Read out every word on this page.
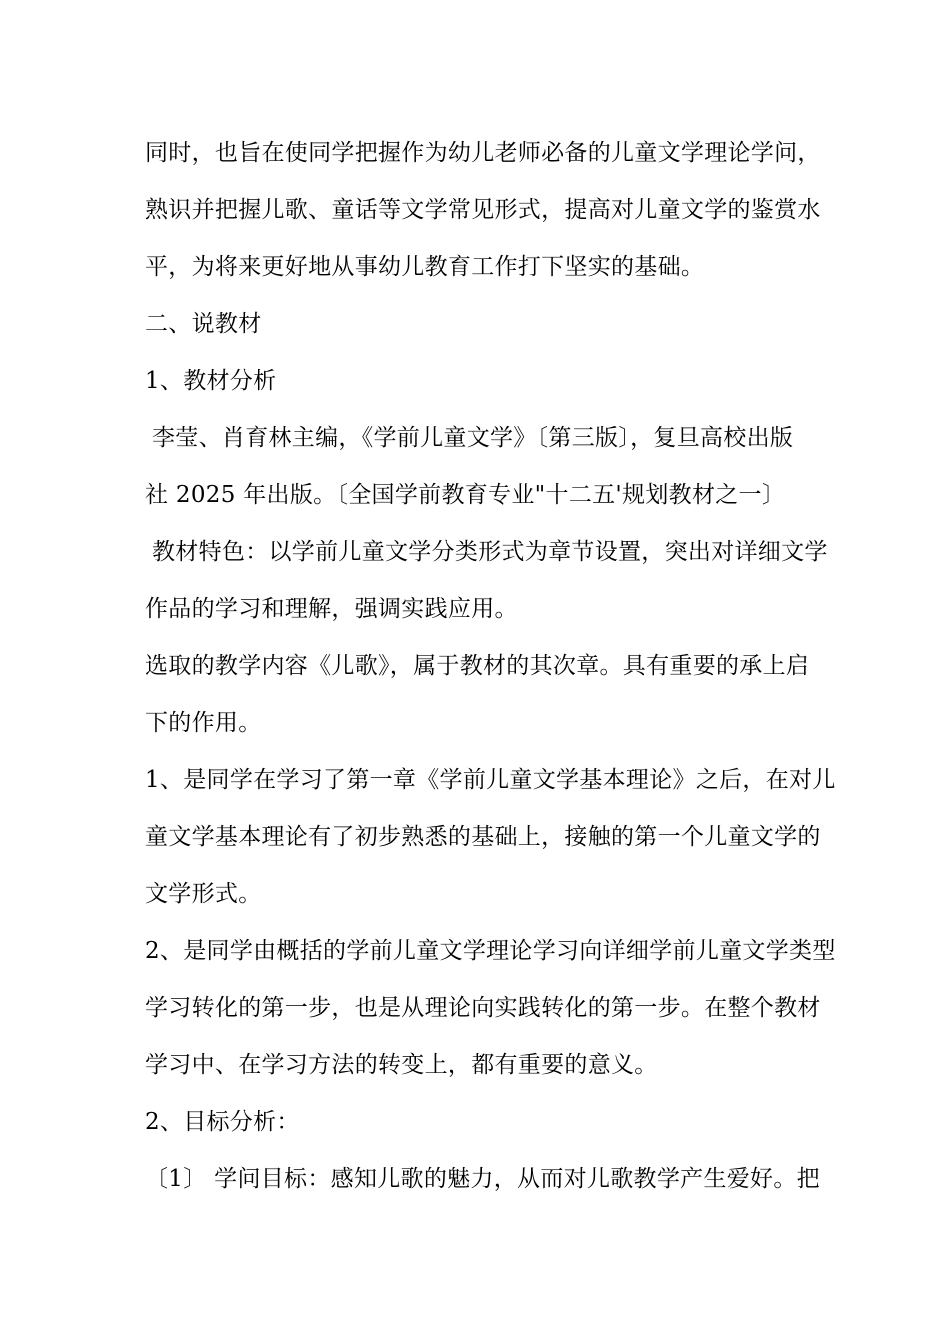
同时，也旨在使同学把握作为幼儿老师必备的儿童文学理论学问，
熟识并把握儿歌、童话等文学常见形式，提高对儿童文学的鉴赏水
平，为将来更好地从事幼儿教育工作打下坚实的基础。
二、说教材
1、教材分析
李莹、肖育林主编，《学前儿童文学》〔第三版〕，复旦高校出版
社 2025 年出版。〔全国学前教育专业"十二五'规划教材之一〕
教材特色：以学前儿童文学分类形式为章节设置，突出对详细文学
作品的学习和理解，强调实践应用。
选取的教学内容《儿歌》，属于教材的其次章。具有重要的承上启
下的作用。
1、是同学在学习了第一章《学前儿童文学基本理论》之后，在对儿
童文学基本理论有了初步熟悉的基础上，接触的第一个儿童文学的
文学形式。
2、是同学由概括的学前儿童文学理论学习向详细学前儿童文学类型
学习转化的第一步，也是从理论向实践转化的第一步。在整个教材
学习中、在学习方法的转变上，都有重要的意义。
2、目标分析：
〔1〕 学问目标：感知儿歌的魅力，从而对儿歌教学产生爱好。把
